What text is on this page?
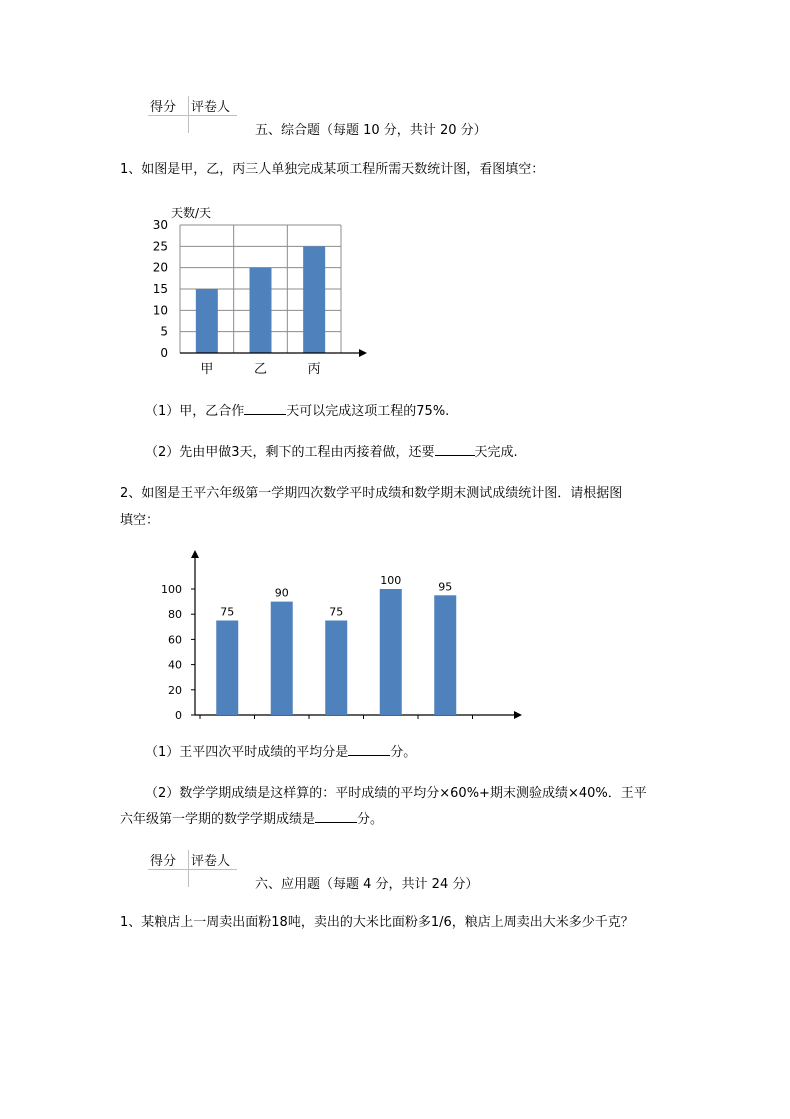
得分	评卷人

五、综合题（每题 10 分，共计 20 分）
1、如图是甲，乙，丙三人单独完成某项工程所需天数统计图，看图填空：
0
5
10
15
20
25
30
天数/天
甲	乙	丙
（1）甲，乙合作	天可以完成这项工程的75%.
（2）先由甲做3天，剩下的工程由丙接着做，还要	天完成.
2、如图是王平六年级第一学期四次数学平时成绩和数学期末测试成绩统计图．请根据图
填空：
0
20
40
60
80
100
75
90
75
100	95
（1）王平四次平时成绩的平均分是	分。
（2）数学学期成绩是这样算的：平时成绩的平均分×60%+期末测验成绩×40%．王平
六年级第一学期的数学学期成绩是	分。
得分	评卷人

六、应用题（每题 4 分，共计 24 分）
1、某粮店上一周卖出面粉18吨，卖出的大米比面粉多1/6，粮店上周卖出大米多少千克？
